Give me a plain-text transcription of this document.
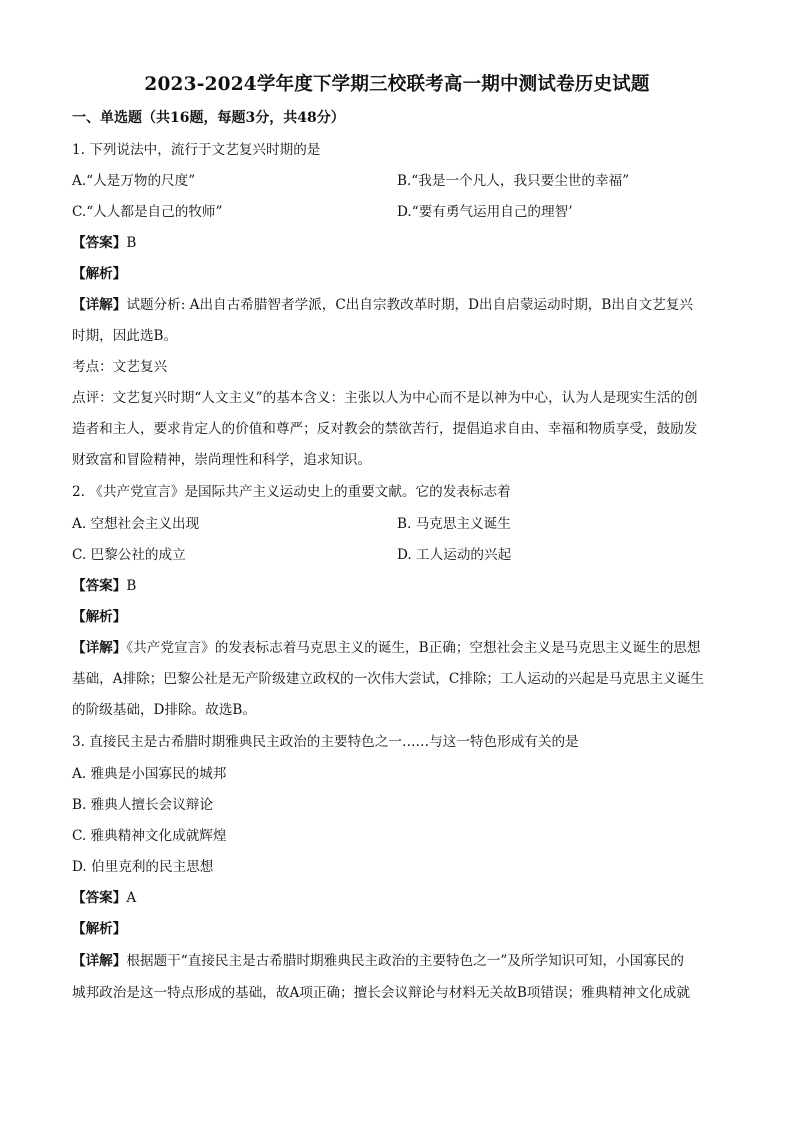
2023-2024学年度下学期三校联考高一期中测试卷历史试题
一、单选题（共16题，每题3分，共48分）
1. 下列说法中，流行于文艺复兴时期的是
A.“人是万物的尺度”	B.“我是一个凡人，我只要尘世的幸福”
C.“人人都是自己的牧师”	D.“要有勇气运用自己的理智’
【答案】B
【解析】
【详解】试题分析: A出自古希腊智者学派，C出自宗教改革时期，D出自启蒙运动时期，B出自文艺复兴
时期，因此选B。
考点：文艺复兴
点评：文艺复兴时期“人文主义”的基本含义：主张以人为中心而不是以神为中心，认为人是现实生活的创
造者和主人，要求肯定人的价值和尊严；反对教会的禁欲苦行，提倡追求自由、幸福和物质享受，鼓励发
财致富和冒险精神，崇尚理性和科学，追求知识。
2. 《共产党宣言》是国际共产主义运动史上的重要文献。它的发表标志着
A. 空想社会主义出现	B. 马克思主义诞生
C. 巴黎公社的成立	D. 工人运动的兴起
【答案】B
【解析】
【详解】《共产党宣言》的发表标志着马克思主义的诞生，B正确；空想社会主义是马克思主义诞生的思想
基础，A排除；巴黎公社是无产阶级建立政权的一次伟大尝试，C排除；工人运动的兴起是马克思主义诞生
的阶级基础，D排除。故选B。
3. 直接民主是古希腊时期雅典民主政治的主要特色之一……与这一特色形成有关的是
A. 雅典是小国寡民的城邦
B. 雅典人擅长会议辩论
C. 雅典精神文化成就辉煌
D. 伯里克利的民主思想
【答案】A
【解析】
【详解】根据题干“直接民主是古希腊时期雅典民主政治的主要特色之一”及所学知识可知，小国寡民的
城邦政治是这一特点形成的基础，故A项正确；擅长会议辩论与材料无关故B项错误；雅典精神文化成就
